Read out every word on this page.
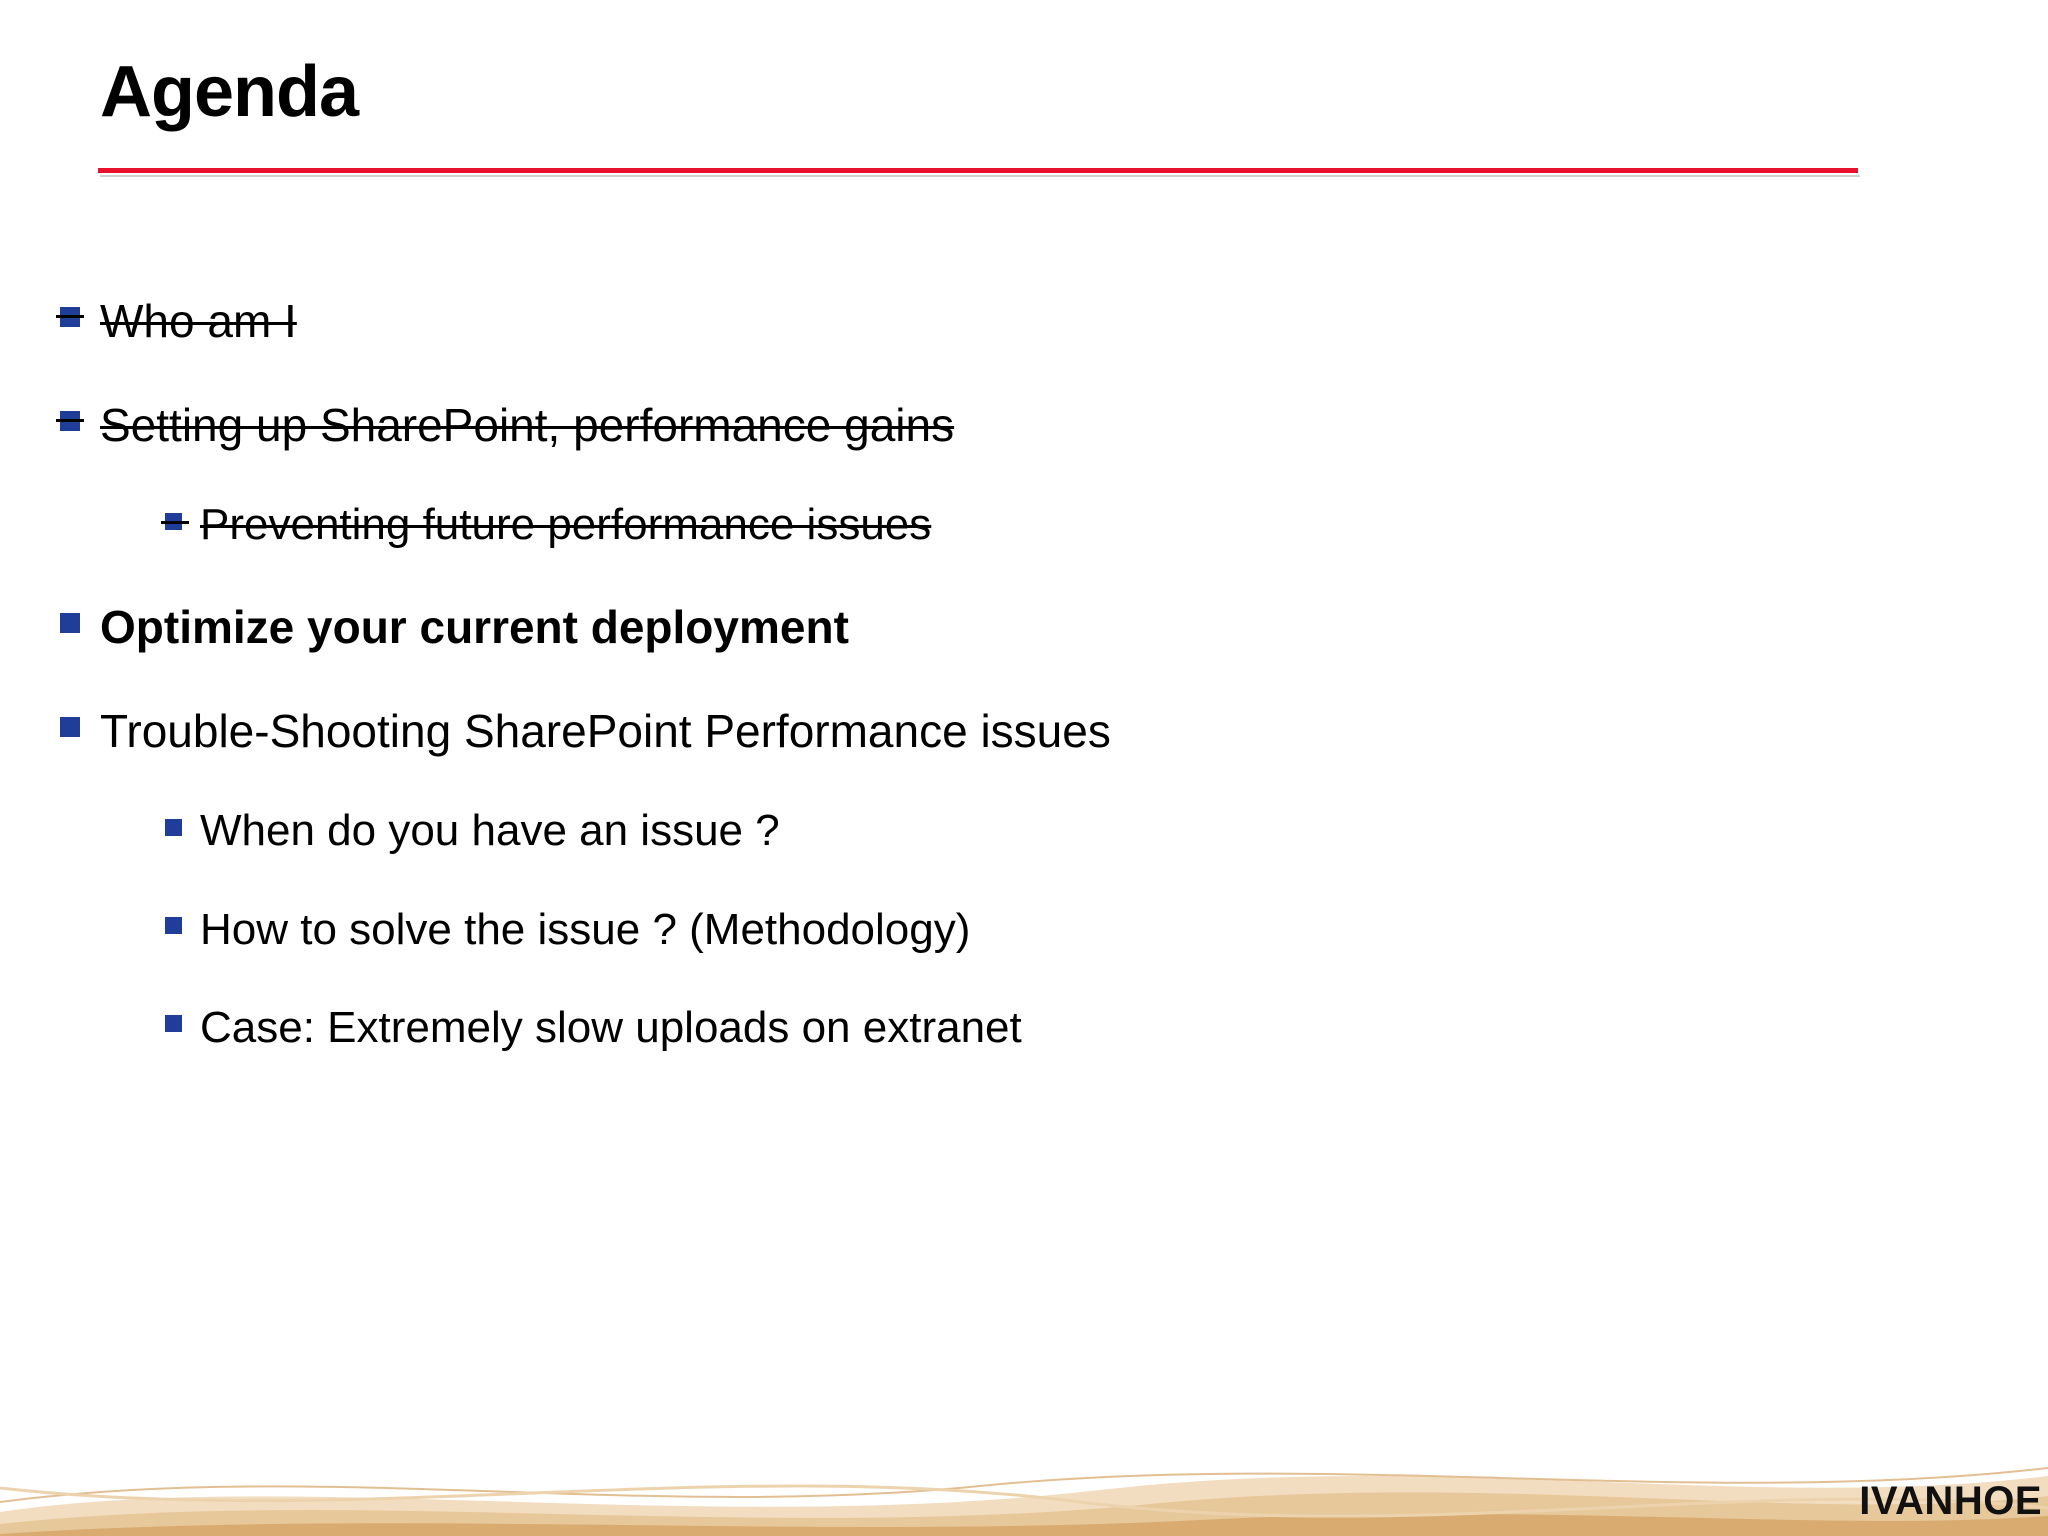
Agenda
Who am I
Setting up SharePoint, performance gains
Preventing future performance issues
Optimize your current deployment
Trouble-Shooting SharePoint Performance issues
When do you have an issue ?
How to solve the issue ? (Methodology)
Case: Extremely slow uploads on extranet
IVANHOE
